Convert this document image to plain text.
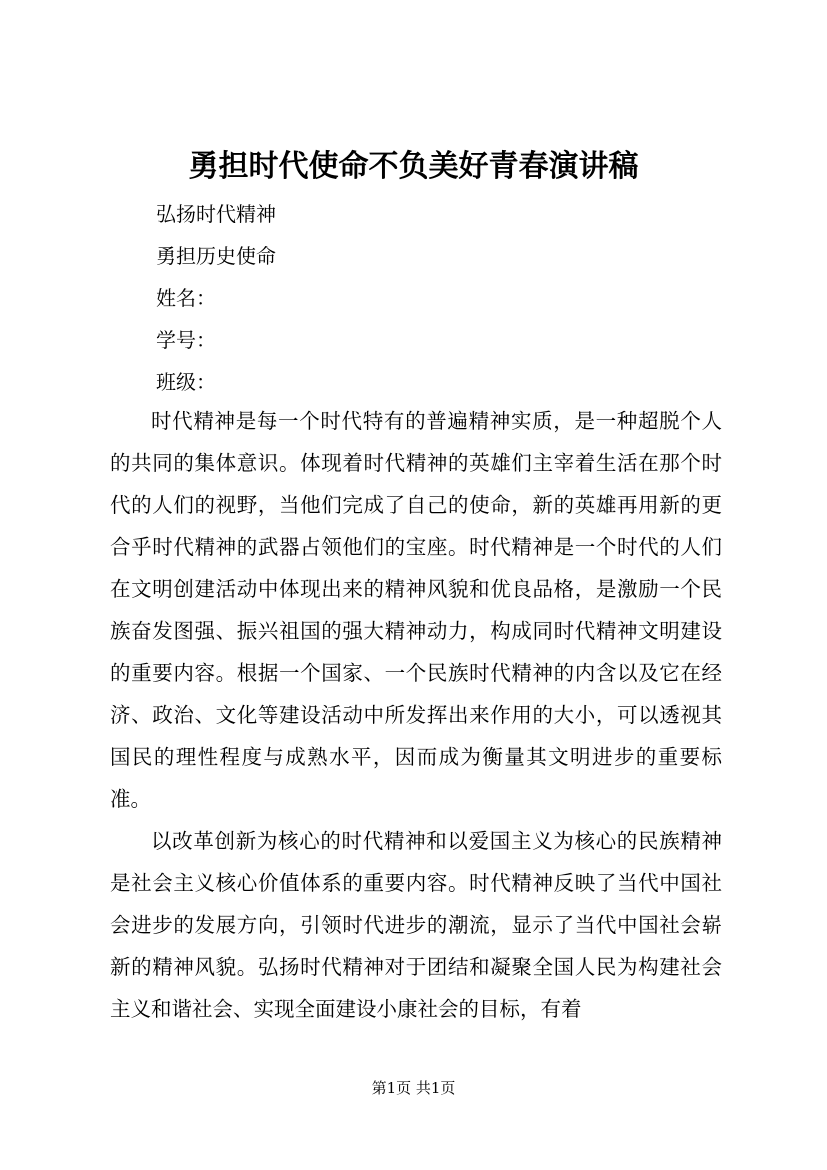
勇担时代使命不负美好青春演讲稿

弘扬时代精神

勇担历史使命

姓名：

学号：

班级：

时代精神是每一个时代特有的普遍精神实质，是一种超脱个人的共同的集体意识。体现着时代精神的英雄们主宰着生活在那个时代的人们的视野，当他们完成了自己的使命，新的英雄再用新的更合乎时代精神的武器占领他们的宝座。时代精神是一个时代的人们在文明创建活动中体现出来的精神风貌和优良品格，是激励一个民族奋发图强、振兴祖国的强大精神动力，构成同时代精神文明建设的重要内容。根据一个国家、一个民族时代精神的内含以及它在经济、政治、文化等建设活动中所发挥出来作用的大小，可以透视其国民的理性程度与成熟水平，因而成为衡量其文明进步的重要标准。

以改革创新为核心的时代精神和以爱国主义为核心的民族精神是社会主义核心价值体系的重要内容。时代精神反映了当代中国社会进步的发展方向，引领时代进步的潮流，显示了当代中国社会崭新的精神风貌。弘扬时代精神对于团结和凝聚全国人民为构建社会主义和谐社会、实现全面建设小康社会的目标，有着

第1页 共1页
